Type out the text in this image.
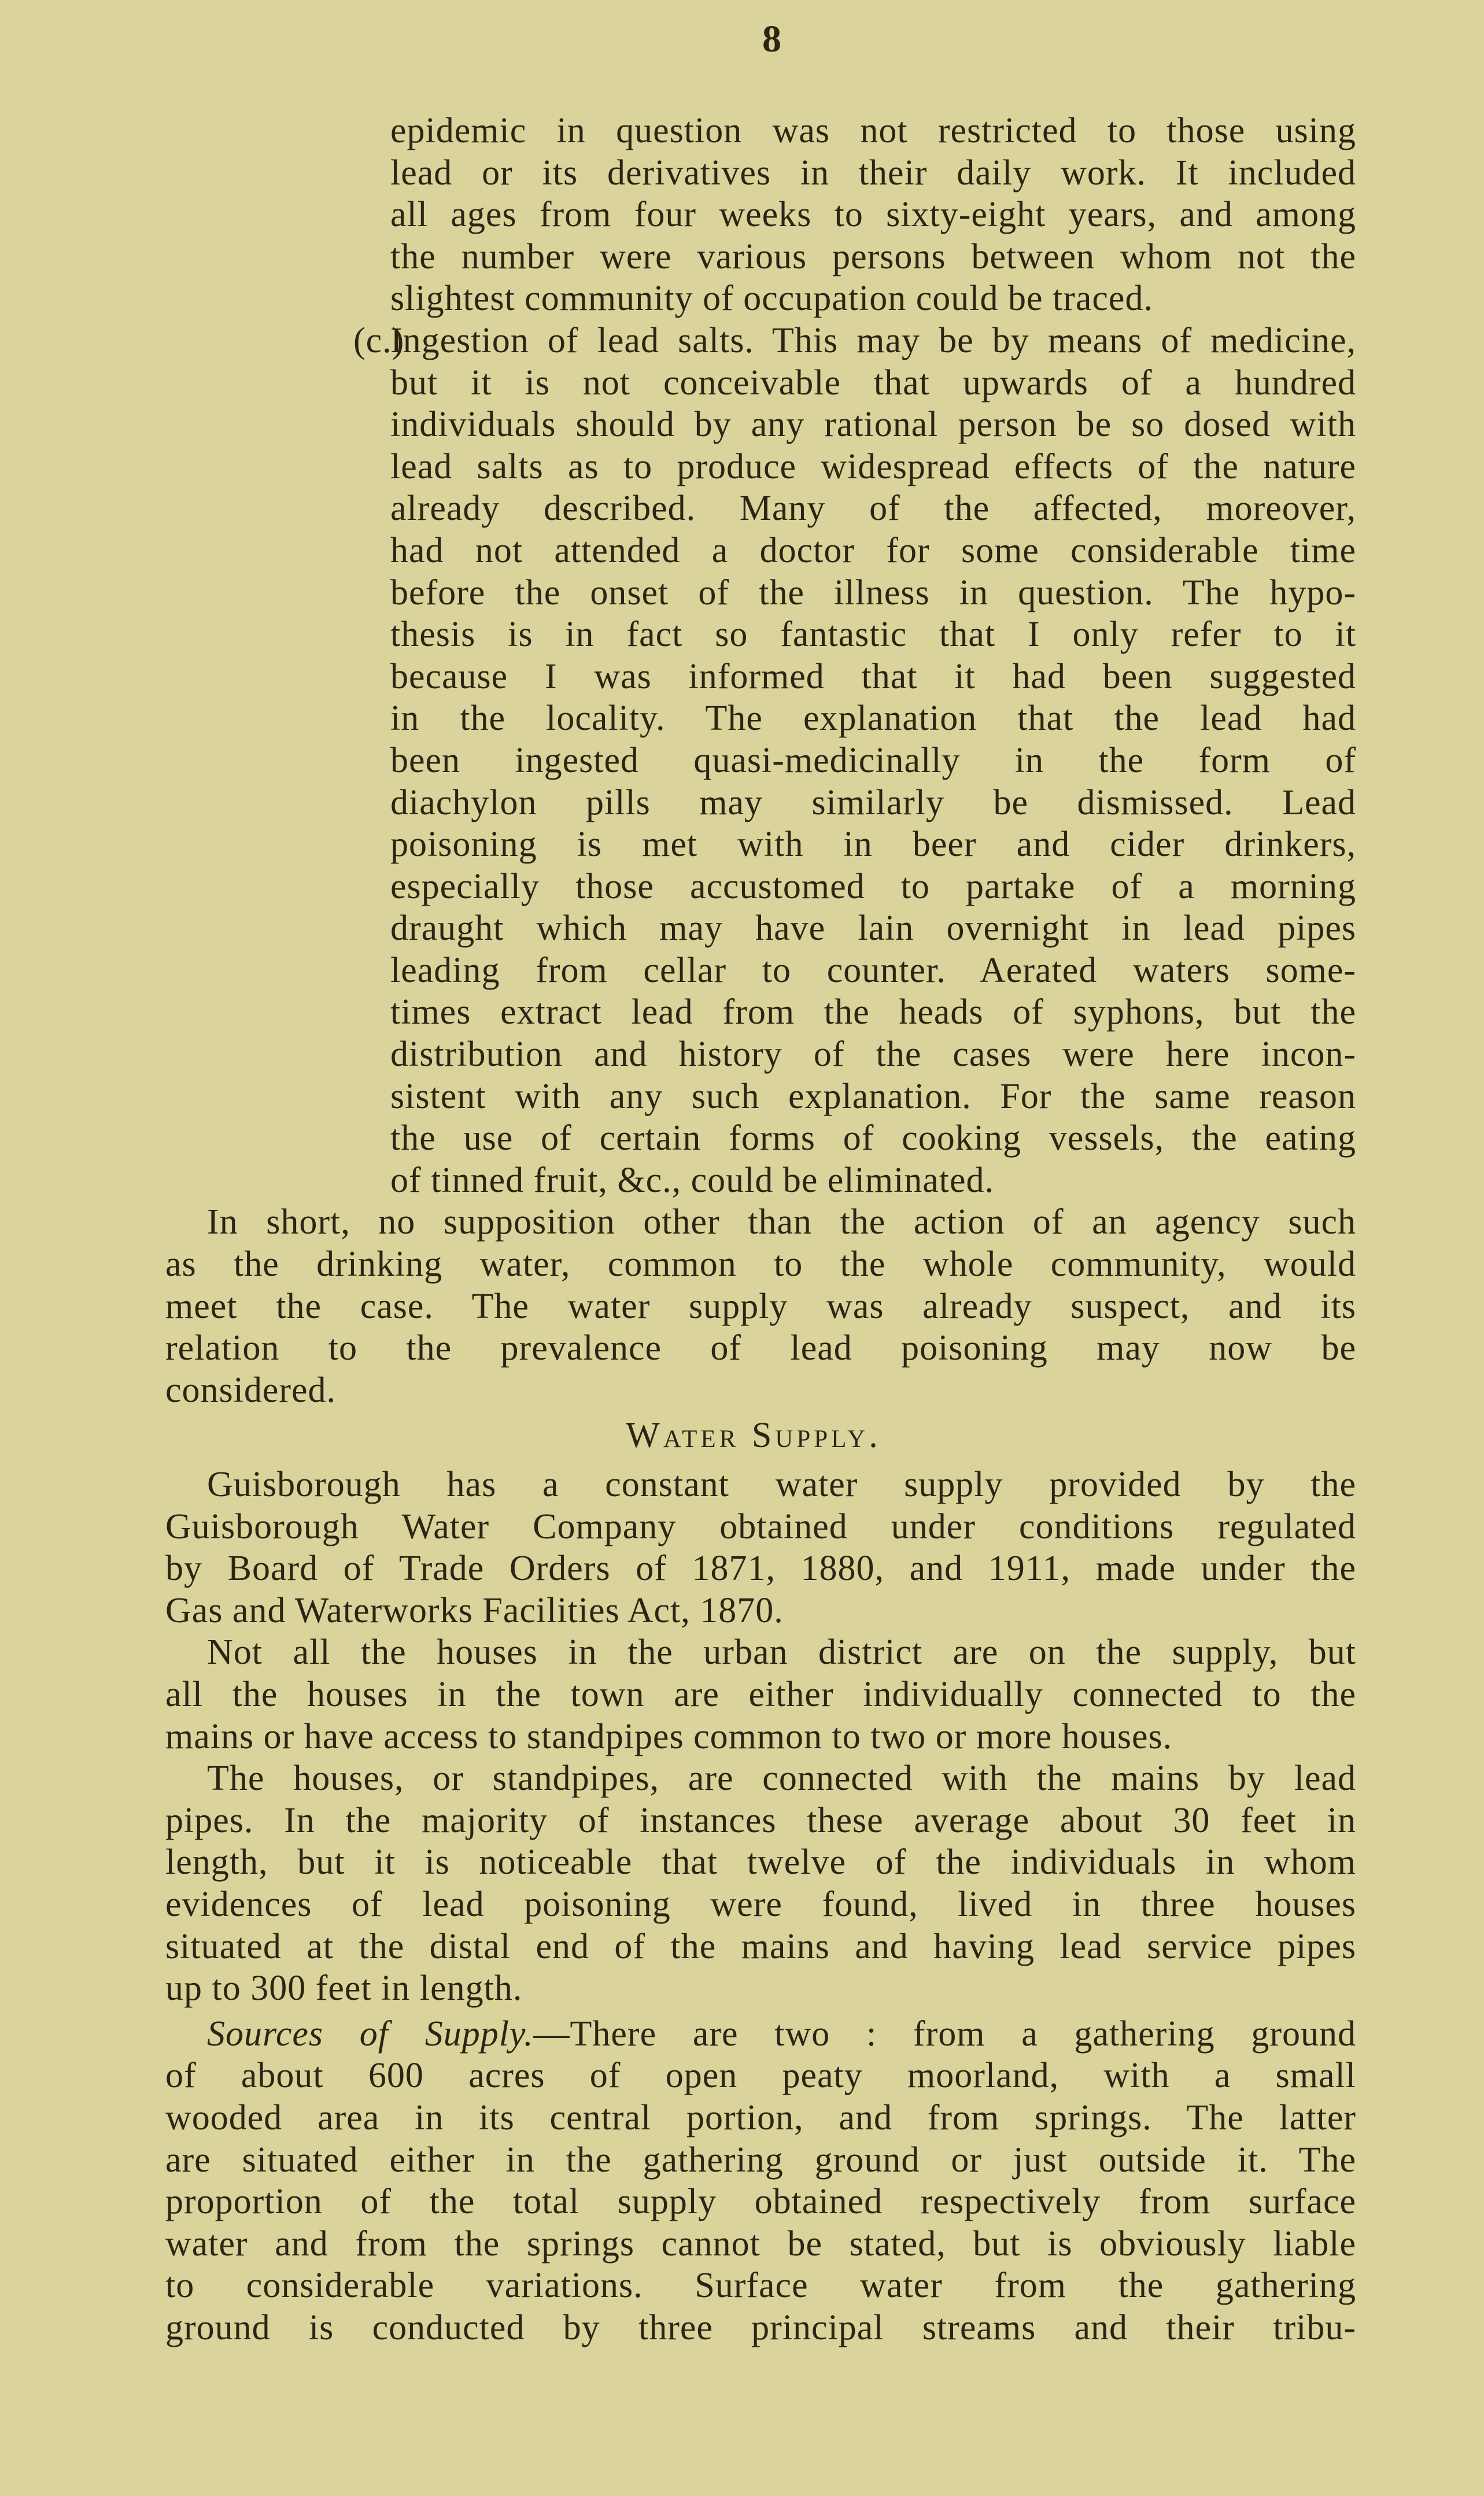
8
epidemic in question was not restricted to those using
lead or its derivatives in their daily work. It included
all ages from four weeks to sixty-eight years, and among
the number were various persons between whom not the
slightest community of occupation could be traced.
Ingestion of lead salts. This may be by means of medicine,
(c.)
but it is not conceivable that upwards of a hundred
individuals should by any rational person be so dosed with
lead salts as to produce widespread effects of the nature
already described. Many of the affected, moreover,
had not attended a doctor for some considerable time
before the onset of the illness in question. The hypo-
thesis is in fact so fantastic that I only refer to it
because I was informed that it had been suggested
in the locality. The explanation that the lead had
been ingested quasi-medicinally in the form of
diachylon pills may similarly be dismissed. Lead
poisoning is met with in beer and cider drinkers,
especially those accustomed to partake of a morning
draught which may have lain overnight in lead pipes
leading from cellar to counter. Aerated waters some-
times extract lead from the heads of syphons, but the
distribution and history of the cases were here incon-
sistent with any such explanation. For the same reason
the use of certain forms of cooking vessels, the eating
of tinned fruit, &c., could be eliminated.
In short, no supposition other than the action of an agency such
as the drinking water, common to the whole community, would
meet the case. The water supply was already suspect, and its
relation to the prevalence of lead poisoning may now be
considered.
Water Supply.
Guisborough has a constant water supply provided by the
Guisborough Water Company obtained under conditions regulated
by Board of Trade Orders of 1871, 1880, and 1911, made under the
Gas and Waterworks Facilities Act, 1870.
Not all the houses in the urban district are on the supply, but
all the houses in the town are either individually connected to the
mains or have access to standpipes common to two or more houses.
The houses, or standpipes, are connected with the mains by lead
pipes. In the majority of instances these average about 30 feet in
length, but it is noticeable that twelve of the individuals in whom
evidences of lead poisoning were found, lived in three houses
situated at the distal end of the mains and having lead service pipes
up to 300 feet in length.
Sources of Supply.—There are two : from a gathering ground
of about 600 acres of open peaty moorland, with a small
wooded area in its central portion, and from springs. The latter
are situated either in the gathering ground or just outside it. The
proportion of the total supply obtained respectively from surface
water and from the springs cannot be stated, but is obviously liable
to considerable variations. Surface water from the gathering
ground is conducted by three principal streams and their tribu-
